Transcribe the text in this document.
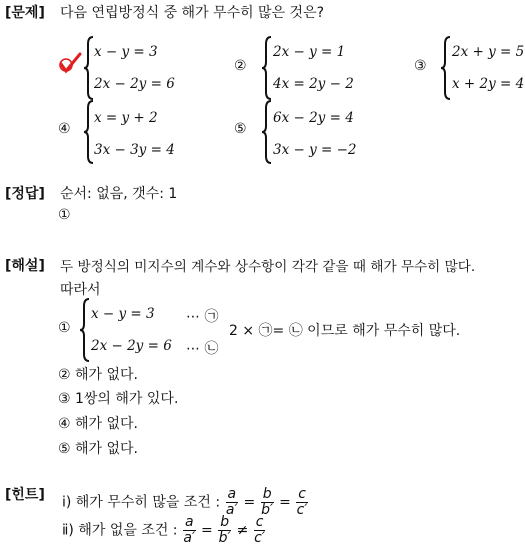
[문제] 다음 연립방정식 중 해가 무수히 많은 것은?
x − y = 3
2x − 2y = 6
②
2x − y = 1
4x = 2y − 2
③
2x + y = 5
x + 2y = 4
④
x = y + 2
3x − 3y = 4
⑤
6x − 2y = 4
3x − y = −2
[정답] 순서: 없음, 갯수: 1
①
[해설] 두 방정식의 미지수의 계수와 상수항이 각각 같을 때 해가 무수히 많다.
따라서
①
x − y = 3
2x − 2y = 6
⋯ ㉠
⋯ ㉡
2 × ㉠= ㉡ 이므로 해가 무수히 많다.
② 해가 없다.
③ 1쌍의 해가 있다.
④ 해가 없다.
⑤ 해가 없다.
[힌트] ⅰ) 해가 무수히 많을 조건 : $\frac{a}{a'} = \frac{b}{b'} = \frac{c}{c'}$
ⅱ) 해가 없을 조건 : $\frac{a}{a'} = \frac{b}{b'} \ne \frac{c}{c'}$
